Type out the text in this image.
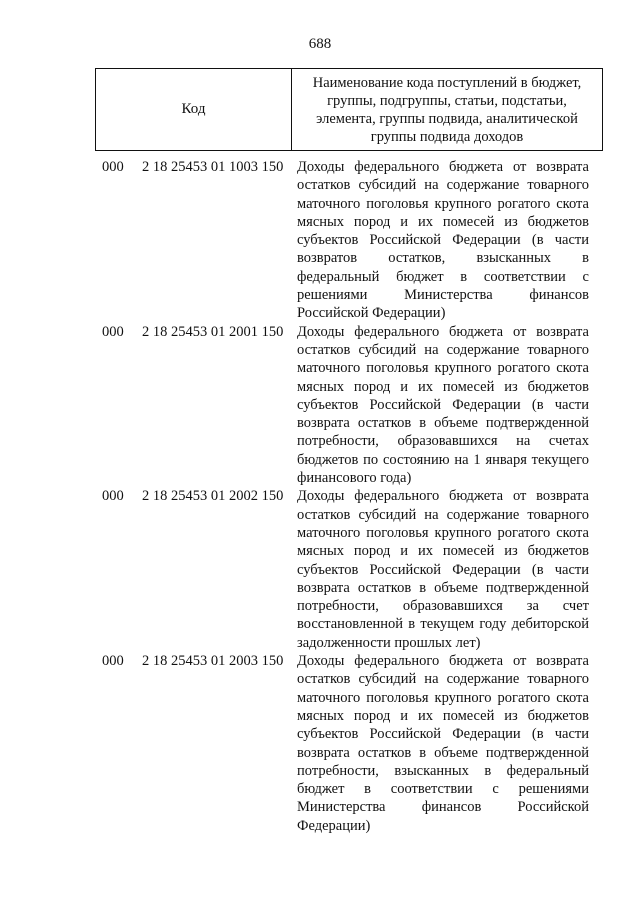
688
Код
Наименование кода поступлений в бюджет, группы, подгруппы, статьи, подстатьи, элемента, группы подвида, аналитической группы подвида доходов
000 2 18 25453 01 1003 150 Доходы федерального бюджета от возврата остатков субсидий на содержание товарного маточного поголовья крупного рогатого скота мясных пород и их помесей из бюджетов субъектов Российской Федерации (в части возвратов остатков, взысканных в федеральный бюджет в соответствии с решениями Министерства финансов Российской Федерации)
000 2 18 25453 01 2001 150 Доходы федерального бюджета от возврата остатков субсидий на содержание товарного маточного поголовья крупного рогатого скота мясных пород и их помесей из бюджетов субъектов Российской Федерации (в части возврата остатков в объеме подтвержденной потребности, образовавшихся на счетах бюджетов по состоянию на 1 января текущего финансового года)
000 2 18 25453 01 2002 150 Доходы федерального бюджета от возврата остатков субсидий на содержание товарного маточного поголовья крупного рогатого скота мясных пород и их помесей из бюджетов субъектов Российской Федерации (в части возврата остатков в объеме подтвержденной потребности, образовавшихся за счет восстановленной в текущем году дебиторской задолженности прошлых лет)
000 2 18 25453 01 2003 150 Доходы федерального бюджета от возврата остатков субсидий на содержание товарного маточного поголовья крупного рогатого скота мясных пород и их помесей из бюджетов субъектов Российской Федерации (в части возврата остатков в объеме подтвержденной потребности, взысканных в федеральный бюджет в соответствии с решениями Министерства финансов Российской Федерации)
